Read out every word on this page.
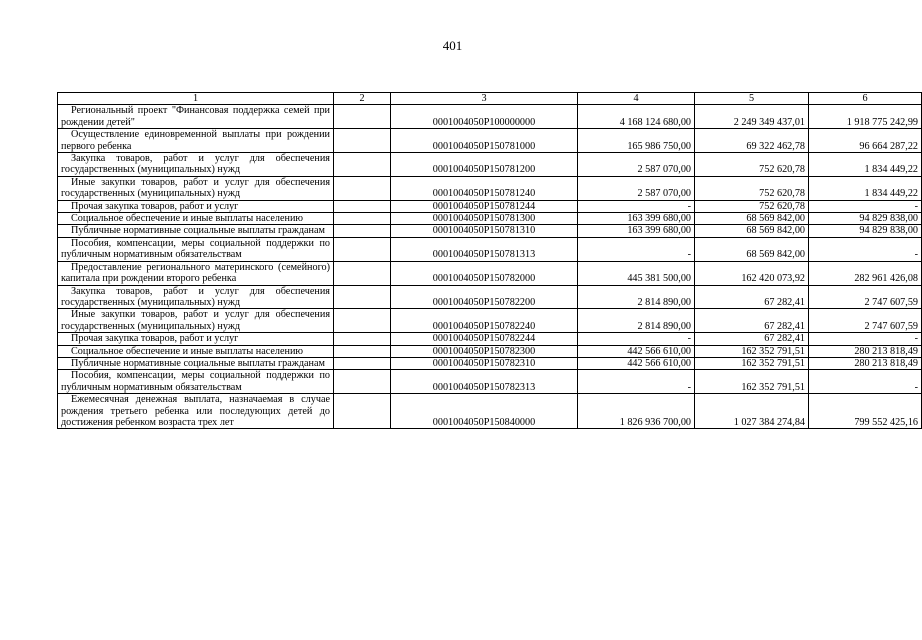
401
1	2	3	4	5	6

Региональный проект "Финансовая поддержка семей при рождении детей"		0001004050P100000000	4 168 124 680,00	2 249 349 437,01	1 918 775 242,99

Осуществление единовременной выплаты при рождении первого ребенка		0001004050P150781000	165 986 750,00	69 322 462,78	96 664 287,22

Закупка товаров, работ и услуг для обеспечения государственных (муниципальных) нужд		0001004050P150781200	2 587 070,00	752 620,78	1 834 449,22

Иные закупки товаров, работ и услуг для обеспечения государственных (муниципальных) нужд		0001004050P150781240	2 587 070,00	752 620,78	1 834 449,22

Прочая закупка товаров, работ и услуг		0001004050P150781244	-	752 620,78	-

Социальное обеспечение и иные выплаты населению		0001004050P150781300	163 399 680,00	68 569 842,00	94 829 838,00

Публичные нормативные социальные выплаты гражданам		0001004050P150781310	163 399 680,00	68 569 842,00	94 829 838,00

Пособия, компенсации, меры социальной поддержки по публичным нормативным обязательствам		0001004050P150781313	-	68 569 842,00	-

Предоставление регионального материнского (семейного) капитала при рождении второго ребенка		0001004050P150782000	445 381 500,00	162 420 073,92	282 961 426,08

Закупка товаров, работ и услуг для обеспечения государственных (муниципальных) нужд		0001004050P150782200	2 814 890,00	67 282,41	2 747 607,59

Иные закупки товаров, работ и услуг для обеспечения государственных (муниципальных) нужд		0001004050P150782240	2 814 890,00	67 282,41	2 747 607,59

Прочая закупка товаров, работ и услуг		0001004050P150782244	-	67 282,41	-

Социальное обеспечение и иные выплаты населению		0001004050P150782300	442 566 610,00	162 352 791,51	280 213 818,49

Публичные нормативные социальные выплаты гражданам		0001004050P150782310	442 566 610,00	162 352 791,51	280 213 818,49

Пособия, компенсации, меры социальной поддержки по публичным нормативным обязательствам		0001004050P150782313	-	162 352 791,51	-

Ежемесячная денежная выплата, назначаемая в случае рождения третьего ребенка или последующих детей до достижения ребенком возраста трех лет		0001004050P150840000	1 826 936 700,00	1 027 384 274,84	799 552 425,16
